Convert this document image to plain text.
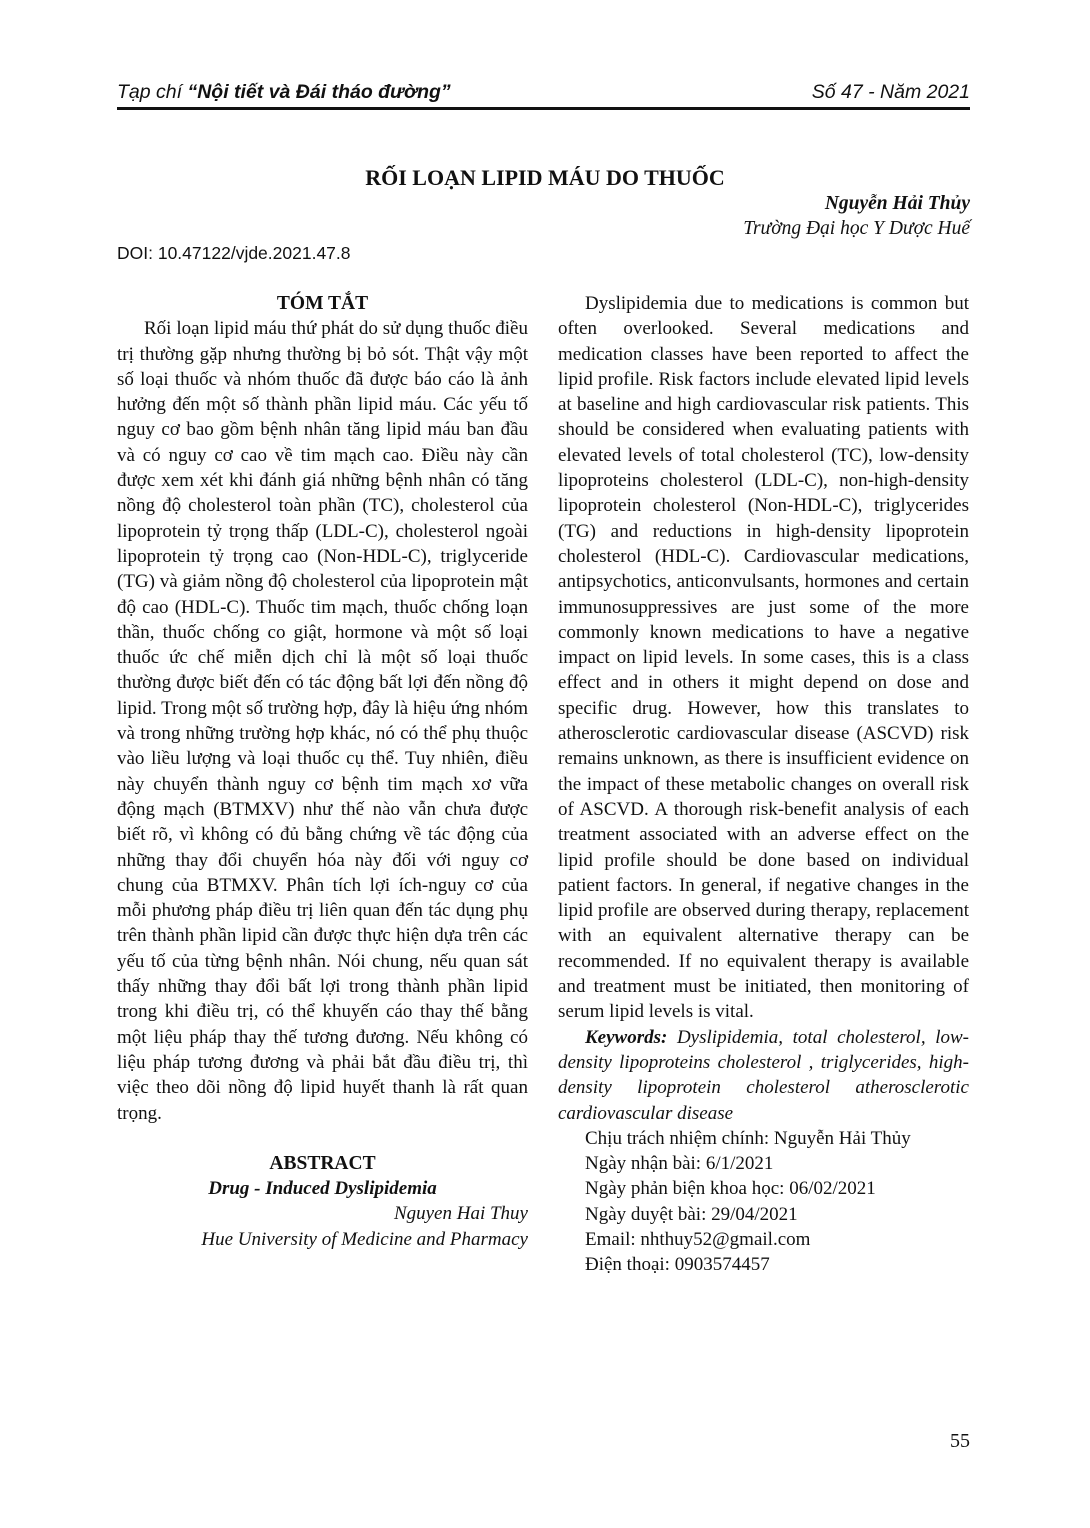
Tạp chí “Nội tiết và Đái tháo đường”	Số 47 - Năm 2021
RỐI LOẠN LIPID MÁU DO THUỐC
Nguyễn Hải Thủy
Trường Đại học Y Dược Huế
DOI: 10.47122/vjde.2021.47.8
TÓM TẮT

Rối loạn lipid máu thứ phát do sử dụng thuốc điều trị thường gặp nhưng thường bị bỏ sót. Thật vậy một số loại thuốc và nhóm thuốc đã được báo cáo là ảnh hưởng đến một số thành phần lipid máu. Các yếu tố nguy cơ bao gồm bệnh nhân tăng lipid máu ban đầu và có nguy cơ cao về tim mạch cao. Điều này cần được xem xét khi đánh giá những bệnh nhân có tăng nồng độ cholesterol toàn phần (TC), cholesterol của lipoprotein tỷ trọng thấp (LDL-C), cholesterol ngoài lipoprotein tỷ trọng cao (Non-HDL-C), triglyceride (TG) và giảm nồng độ cholesterol của lipoprotein mật độ cao (HDL-C). Thuốc tim mạch, thuốc chống loạn thần, thuốc chống co giật, hormone và một số loại thuốc ức chế miễn dịch chỉ là một số loại thuốc thường được biết đến có tác động bất lợi đến nồng độ lipid. Trong một số trường hợp, đây là hiệu ứng nhóm và trong những trường hợp khác, nó có thể phụ thuộc vào liều lượng và loại thuốc cụ thể. Tuy nhiên, điều này chuyển thành nguy cơ bệnh tim mạch xơ vữa động mạch (BTMXV) như thế nào vẫn chưa được biết rõ, vì không có đủ bằng chứng về tác động của những thay đổi chuyển hóa này đối với nguy cơ chung của BTMXV. Phân tích lợi ích-nguy cơ của mỗi phương pháp điều trị liên quan đến tác dụng phụ trên thành phần lipid cần được thực hiện dựa trên các yếu tố của từng bệnh nhân. Nói chung, nếu quan sát thấy những thay đổi bất lợi trong thành phần lipid trong khi điều trị, có thể khuyến cáo thay thế bằng một liệu pháp thay thế tương đương. Nếu không có liệu pháp tương đương và phải bắt đầu điều trị, thì việc theo dõi nồng độ lipid huyết thanh là rất quan trọng.

ABSTRACT

Drug - Induced Dyslipidemia

Nguyen Hai Thuy

Hue University of Medicine and Pharmacy

Dyslipidemia due to medications is common but often overlooked. Several medications and medication classes have been reported to affect the lipid profile. Risk factors include elevated lipid levels at baseline and high cardiovascular risk patients. This should be considered when evaluating patients with elevated levels of total cholesterol (TC), low-density lipoproteins cholesterol (LDL-C), non-high-density lipoprotein cholesterol (Non-HDL-C), triglycerides (TG) and reductions in high-density lipoprotein cholesterol (HDL-C). Cardiovascular medications, antipsychotics, anticonvulsants, hormones and certain immunosuppressives are just some of the more commonly known medications to have a negative impact on lipid levels. In some cases, this is a class effect and in others it might depend on dose and specific drug. However, how this translates to atherosclerotic cardiovascular disease (ASCVD) risk remains unknown, as there is insufficient evidence on the impact of these metabolic changes on overall risk of ASCVD. A thorough risk-benefit analysis of each treatment associated with an adverse effect on the lipid profile should be done based on individual patient factors. In general, if negative changes in the lipid profile are observed during therapy, replacement with an equivalent alternative therapy can be recommended. If no equivalent therapy is available and treatment must be initiated, then monitoring of serum lipid levels is vital.

Keywords: Dyslipidemia, total cholesterol, low-density lipoproteins cholesterol , triglycerides, high-density lipoprotein cholesterol atherosclerotic cardiovascular disease

Chịu trách nhiệm chính: Nguyễn Hải Thủy
Ngày nhận bài: 6/1/2021
Ngày phản biện khoa học: 06/02/2021
Ngày duyệt bài: 29/04/2021
Email: nhthuy52@gmail.com
Điện thoại: 0903574457
55
